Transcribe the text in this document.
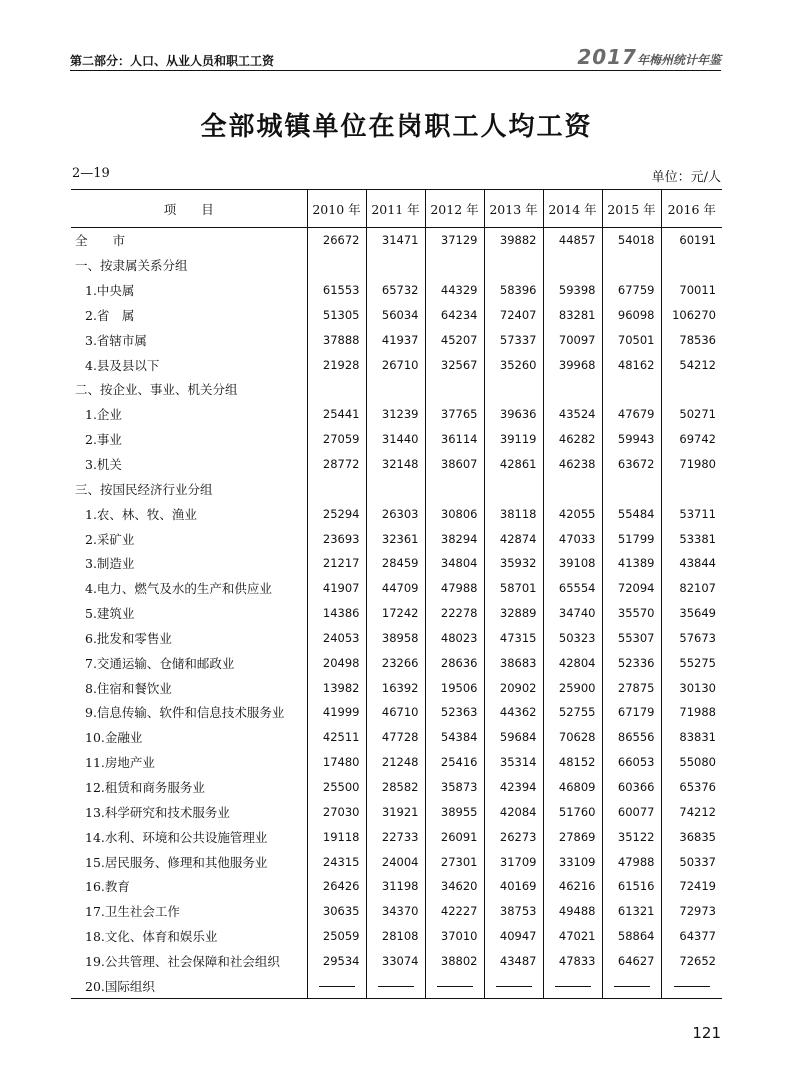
第二部分：人口、从业人员和职工工资	2017年梅州统计年鉴
全部城镇单位在岗职工人均工资
2—19	单位：元/人
项　　目	2010 年	2011 年	2012 年	2013 年	2014 年	2015 年	2016 年
全　　市	26672	31471	37129	39882	44857	54018	60191
一、按隶属关系分组							
1.中央属	61553	65732	44329	58396	59398	67759	70011
2.省　属	51305	56034	64234	72407	83281	96098	106270
3.省辖市属	37888	41937	45207	57337	70097	70501	78536
4.县及县以下	21928	26710	32567	35260	39968	48162	54212
二、按企业、事业、机关分组							
1.企业	25441	31239	37765	39636	43524	47679	50271
2.事业	27059	31440	36114	39119	46282	59943	69742
3.机关	28772	32148	38607	42861	46238	63672	71980
三、按国民经济行业分组							
1.农、林、牧、渔业	25294	26303	30806	38118	42055	55484	53711
2.采矿业	23693	32361	38294	42874	47033	51799	53381
3.制造业	21217	28459	34804	35932	39108	41389	43844
4.电力、燃气及水的生产和供应业	41907	44709	47988	58701	65554	72094	82107
5.建筑业	14386	17242	22278	32889	34740	35570	35649
6.批发和零售业	24053	38958	48023	47315	50323	55307	57673
7.交通运输、仓储和邮政业	20498	23266	28636	38683	42804	52336	55275
8.住宿和餐饮业	13982	16392	19506	20902	25900	27875	30130
9.信息传输、软件和信息技术服务业	41999	46710	52363	44362	52755	67179	71988
10.金融业	42511	47728	54384	59684	70628	86556	83831
11.房地产业	17480	21248	25416	35314	48152	66053	55080
12.租赁和商务服务业	25500	28582	35873	42394	46809	60366	65376
13.科学研究和技术服务业	27030	31921	38955	42084	51760	60077	74212
14.水利、环境和公共设施管理业	19118	22733	26091	26273	27869	35122	36835
15.居民服务、修理和其他服务业	24315	24004	27301	31709	33109	47988	50337
16.教育	26426	31198	34620	40169	46216	61516	72419
17.卫生社会工作	30635	34370	42227	38753	49488	61321	72973
18.文化、体育和娱乐业	25059	28108	37010	40947	47021	58864	64377
19.公共管理、社会保障和社会组织	29534	33074	38802	43487	47833	64627	72652
20.国际组织							
121
